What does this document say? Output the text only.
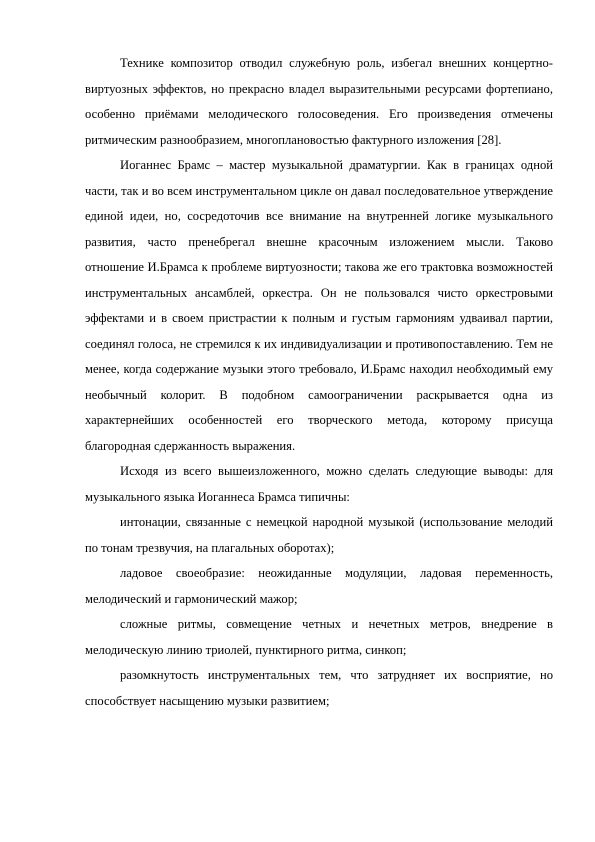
Технике композитор отводил служебную роль, избегал внешних концертно-виртуозных эффектов, но прекрасно владел выразительными ресурсами фортепиано, особенно приёмами мелодического голосоведения. Его произведения отмечены ритмическим разнообразием, многоплановостью фактурного изложения [28].

Иоганнес Брамс – мастер музыкальной драматургии. Как в границах одной части, так и во всем инструментальном цикле он давал последовательное утверждение единой идеи, но, сосредоточив все внимание на внутренней логике музыкального развития, часто пренебрегал внешне красочным изложением мысли. Таково отношение И.Брамса к проблеме виртуозности; такова же его трактовка возможностей инструментальных ансамблей, оркестра. Он не пользовался чисто оркестровыми эффектами и в своем пристрастии к полным и густым гармониям удваивал партии, соединял голоса, не стремился к их индивидуализации и противопоставлению. Тем не менее, когда содержание музыки этого требовало, И.Брамс находил необходимый ему необычный колорит. В подобном самоограничении раскрывается одна из характернейших особенностей его творческого метода, которому присуща благородная сдержанность выражения.

Исходя из всего вышеизложенного, можно сделать следующие выводы: для музыкального языка Иоганнеса Брамса типичны:

интонации, связанные с немецкой народной музыкой (использование мелодий по тонам трезвучия, на плагальных оборотах);

ладовое своеобразие: неожиданные модуляции, ладовая переменность, мелодический и гармонический мажор;

сложные ритмы, совмещение четных и нечетных метров, внедрение в мелодическую линию триолей, пунктирного ритма, синкоп;

разомкнутость инструментальных тем, что затрудняет их восприятие, но способствует насыщению музыки развитием;
